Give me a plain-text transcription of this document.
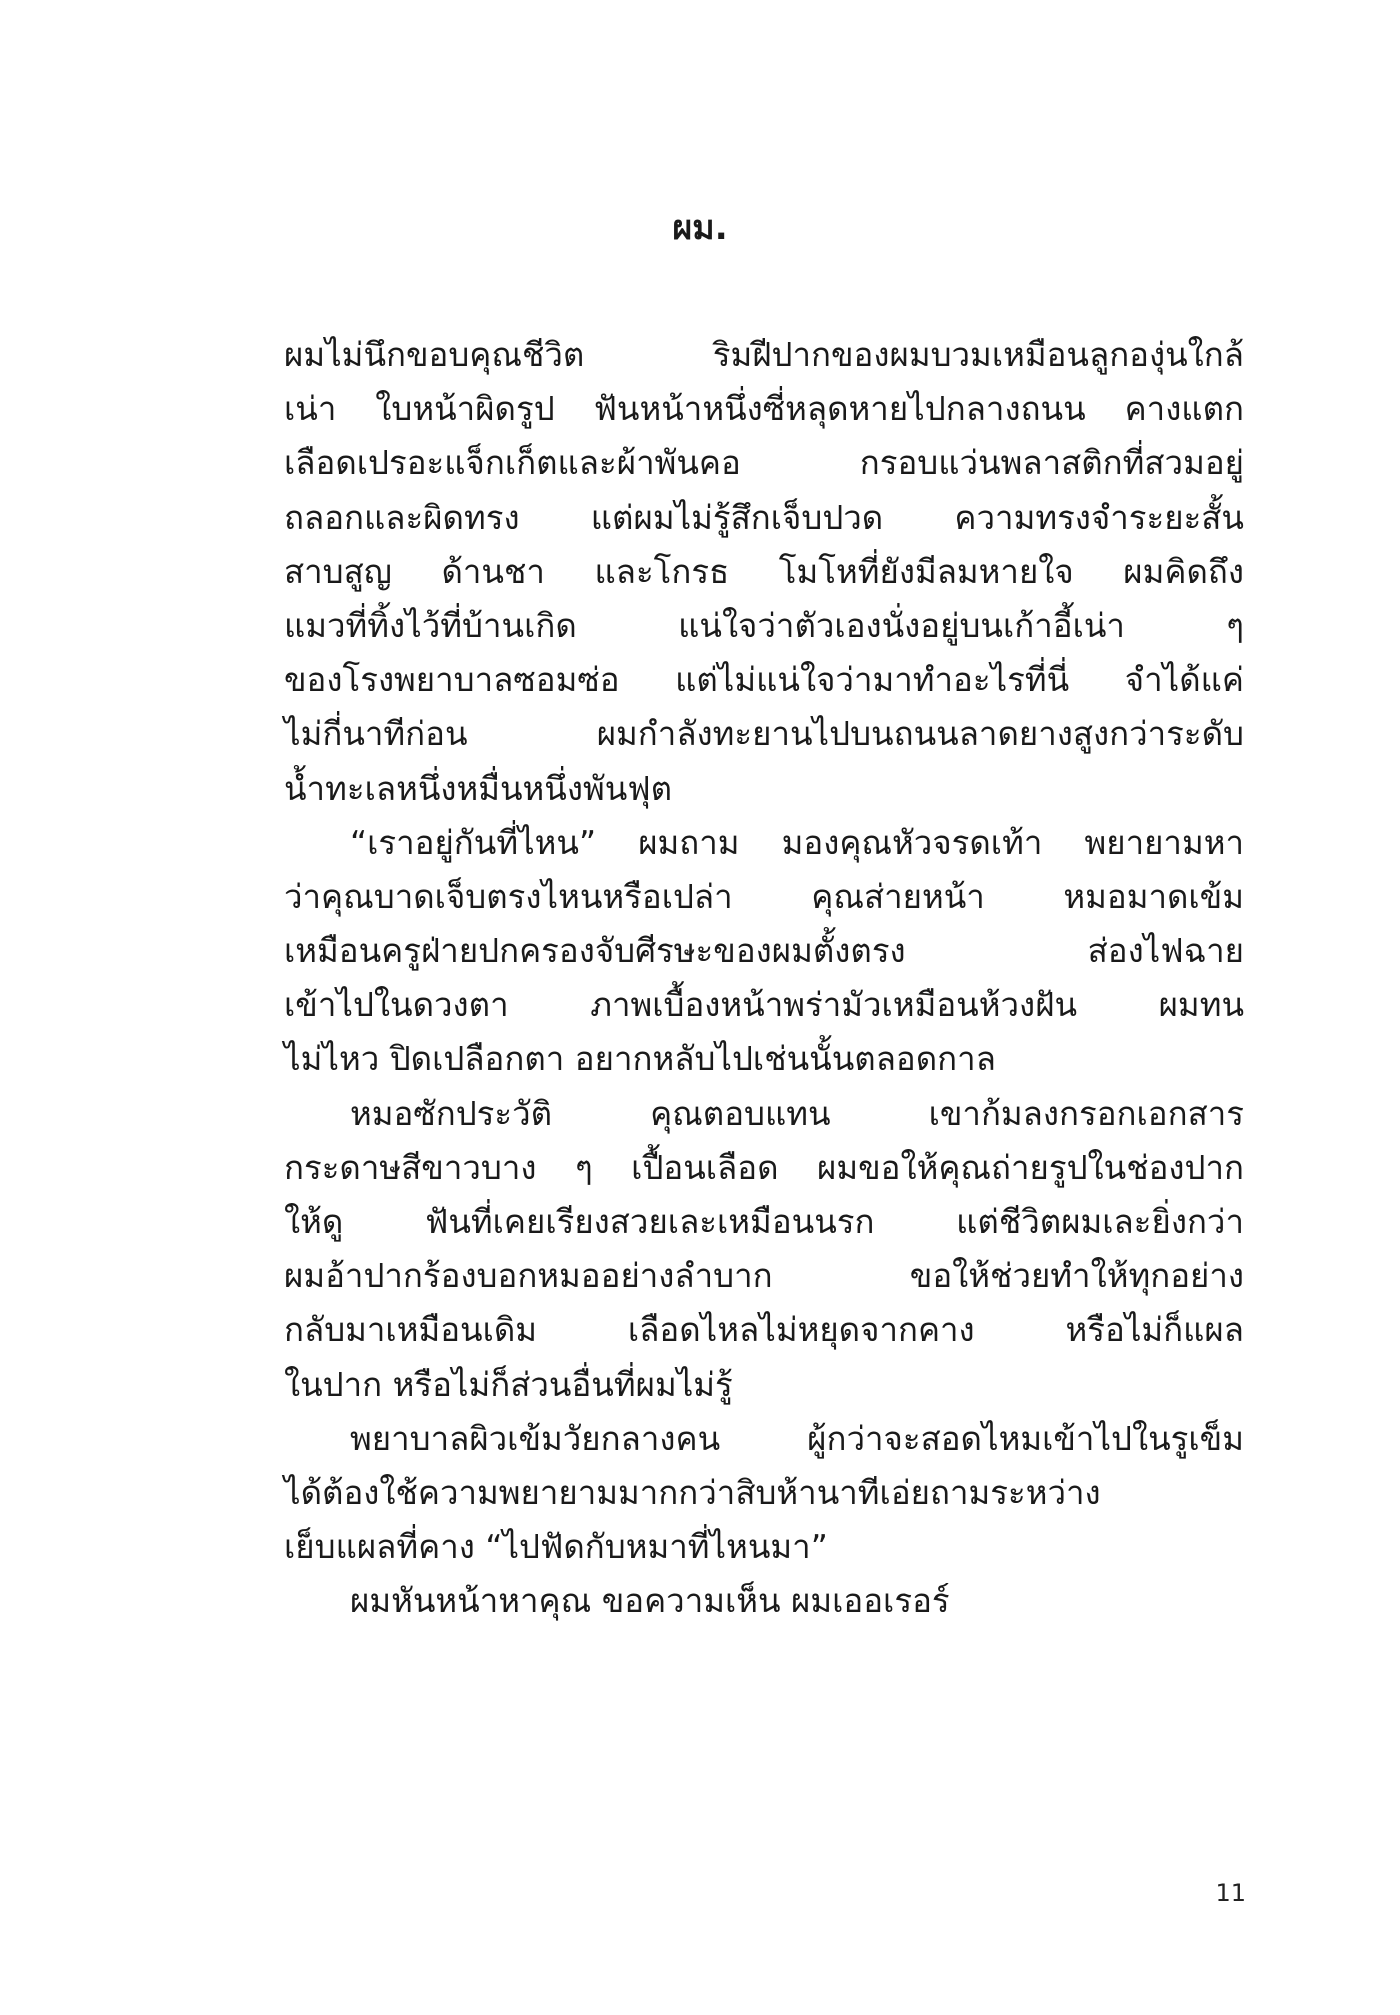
ผม.
ผมไม่นึกขอบคุณชีวิต ริมฝีปากของผมบวมเหมือนลูกองุ่นใกล้
เน่า ใบหน้าผิดรูป ฟันหน้าหนึ่งซี่หลุดหายไปกลางถนน คางแตก
เลือดเปรอะแจ็กเก็ตและผ้าพันคอ กรอบแว่นพลาสติกที่สวมอยู่
ถลอกและผิดทรง แต่ผมไม่รู้สึกเจ็บปวด ความทรงจำระยะสั้น
สาบสูญ ด้านชา และโกรธ โมโหที่ยังมีลมหายใจ ผมคิดถึง
แมวที่ทิ้งไว้ที่บ้านเกิด แน่ใจว่าตัวเองนั่งอยู่บนเก้าอี้เน่า ๆ
ของโรงพยาบาลซอมซ่อ แต่ไม่แน่ใจว่ามาทำอะไรที่นี่ จำได้แค่
ไม่กี่นาทีก่อน ผมกำลังทะยานไปบนถนนลาดยางสูงกว่าระดับ
น้ำทะเลหนึ่งหมื่นหนึ่งพันฟุต
“เราอยู่กันที่ไหน” ผมถาม มองคุณหัวจรดเท้า พยายามหา
ว่าคุณบาดเจ็บตรงไหนหรือเปล่า คุณส่ายหน้า หมอมาดเข้ม
เหมือนครูฝ่ายปกครองจับศีรษะของผมตั้งตรง ส่องไฟฉาย
เข้าไปในดวงตา ภาพเบื้องหน้าพร่ามัวเหมือนห้วงฝัน ผมทน
ไม่ไหว ปิดเปลือกตา อยากหลับไปเช่นนั้นตลอดกาล
หมอซักประวัติ คุณตอบแทน เขาก้มลงกรอกเอกสาร
กระดาษสีขาวบาง ๆ เปื้อนเลือด ผมขอให้คุณถ่ายรูปในช่องปาก
ให้ดู ฟันที่เคยเรียงสวยเละเหมือนนรก แต่ชีวิตผมเละยิ่งกว่า
ผมอ้าปากร้องบอกหมออย่างลำบาก ขอให้ช่วยทำให้ทุกอย่าง
กลับมาเหมือนเดิม เลือดไหลไม่หยุดจากคาง หรือไม่ก็แผล
ในปาก หรือไม่ก็ส่วนอื่นที่ผมไม่รู้
พยาบาลผิวเข้มวัยกลางคน ผู้กว่าจะสอดไหมเข้าไปในรูเข็ม
ได้ต้องใช้ความพยายามมากกว่าสิบห้านาทีเอ่ยถามระหว่าง
เย็บแผลที่คาง “ไปฟัดกับหมาที่ไหนมา”
ผมหันหน้าหาคุณ ขอความเห็น ผมเออเรอร์
11
